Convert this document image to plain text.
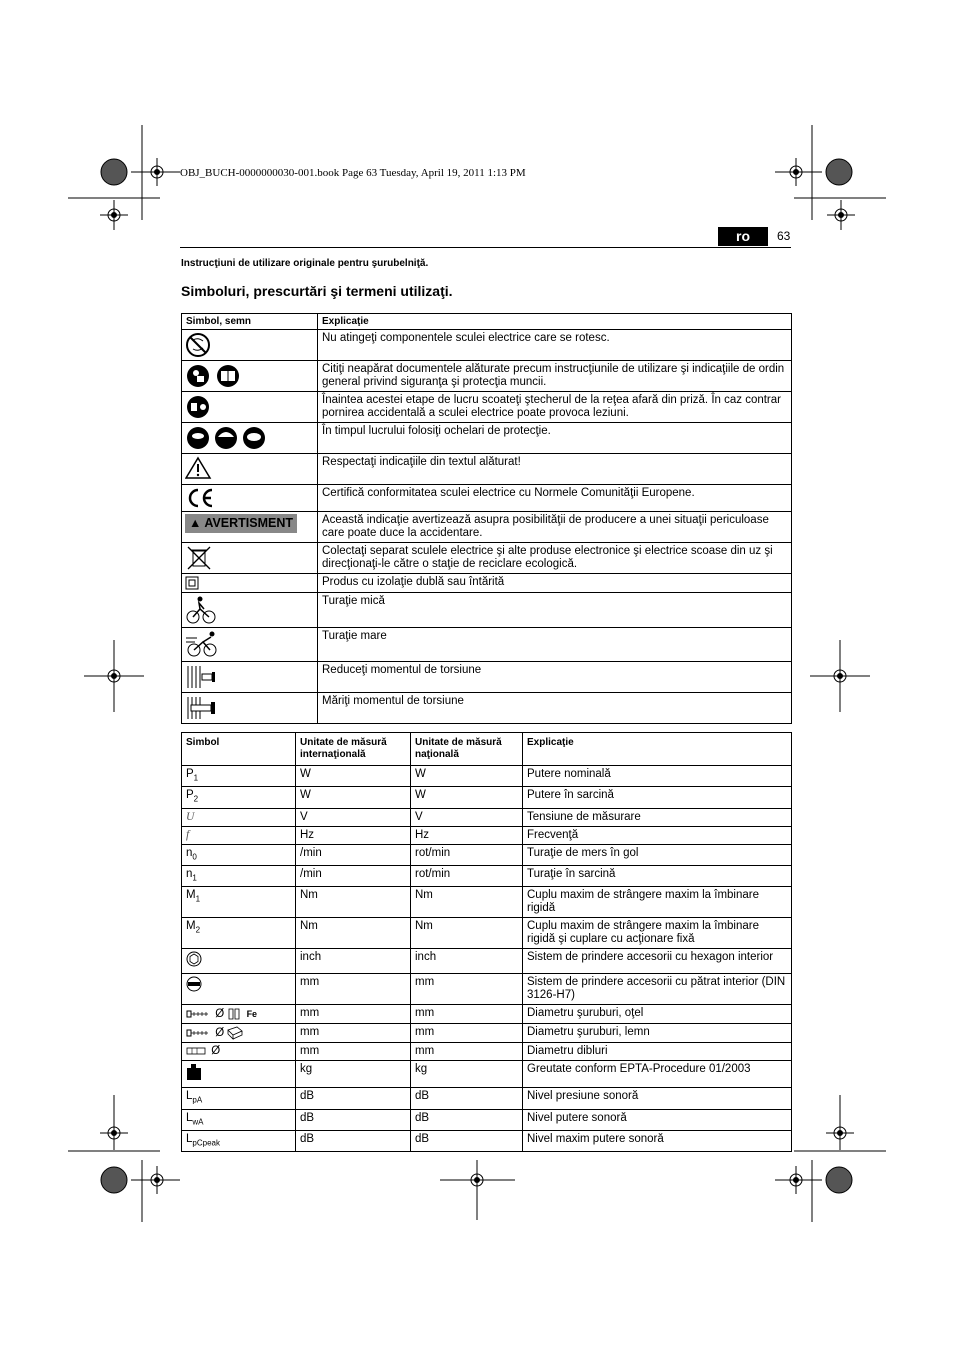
OBJ_BUCH-0000000030-001.book Page 63 Tuesday, April 19, 2011 1:13 PM
ro	63
Instrucţiuni de utilizare originale pentru şurubelniţă.
Simboluri, prescurtări şi termeni utilizaţi.
Simbol, semn	Explicaţie

	Nu atingeţi componentele sculei electrice care se rotesc.

	Citiţi neapărat documentele alăturate precum instrucţiunile de utilizare şi indicaţiile de ordin general privind siguranţa şi protecţia muncii.

	Înaintea acestei etape de lucru scoateţi ştecherul de la reţea afară din priză. În caz contrar pornirea accidentală a sculei electrice poate provoca leziuni.

	În timpul lucrului folosiţi ochelari de protecţie.

	Respectaţi indicaţiile din textul alăturat!

	Certifică conformitatea sculei electrice cu Normele Comunităţii Europene.

▲ AVERTISMENT	Această indicaţie avertizează asupra posibilităţii de producere a unei situaţii periculoase care poate duce la accidentare.

	Colectaţi separat sculele electrice şi alte produse electronice şi electrice scoase din uz şi direcţionaţi-le către o staţie de reciclare ecologică.

	Produs cu izolaţie dublă sau întărită

	Turaţie mică

	Turaţie mare

	Reduceţi momentul de torsiune

	Măriţi momentul de torsiune
Simbol	Unitate de măsură internaţională	Unitate de măsură naţională	Explicaţie
$P_1$	W	W	Putere nominală
$P_2$	W	W	Putere în sarcină
U	V	V	Tensiune de măsurare
f	Hz	Hz	Frecvenţă
$n_0$	/min	rot/min	Turaţie de mers în gol
$n_1$	/min	rot/min	Turaţie în sarcină
$M_1$	Nm	Nm	Cuplu maxim de strângere maxim la îmbinare rigidă
$M_2$	Nm	Nm	Cuplu maxim de strângere maxim la îmbinare rigidă şi cuplare cu acţionare fixă
	inch	inch	Sistem de prindere accesorii cu hexagon interior
	mm	mm	Sistem de prindere accesorii cu pătrat interior (DIN 3126-H7)
Ø Fe	mm	mm	Diametru şuruburi, oţel
Ø	mm	mm	Diametru şuruburi, lemn
Ø	mm	mm	Diametru dibluri
	kg	kg	Greutate conform EPTA-Procedure 01/2003
$L_{pA}$	dB	dB	Nivel presiune sonoră
$L_{wA}$	dB	dB	Nivel putere sonoră
$L_{pCpeak}$	dB	dB	Nivel maxim putere sonoră
